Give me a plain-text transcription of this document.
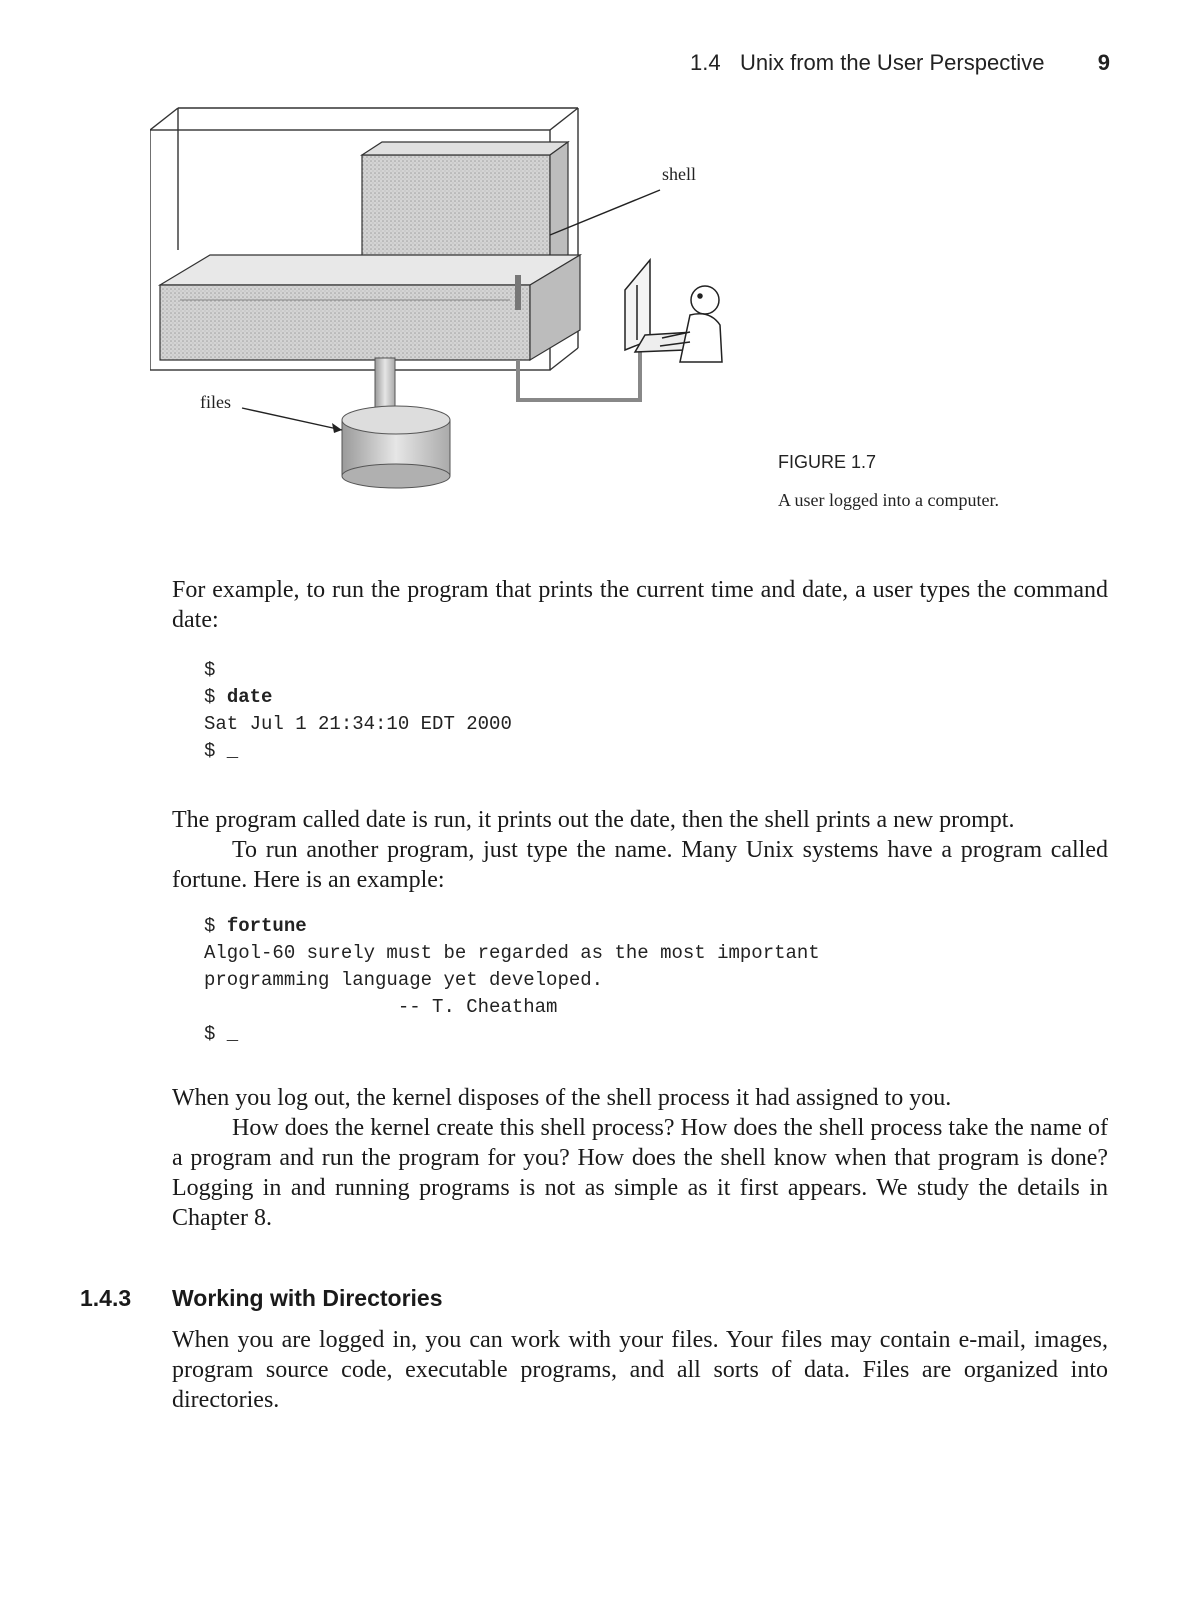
1.4 Unix from the User Perspective 9
shell
files
FIGURE 1.7
A user logged into a computer.

For example, to run the program that prints the current time and date, a user types the command date:

$
$ date
Sat Jul 1 21:34:10 EDT 2000
$ _

The program called date is run, it prints out the date, then the shell prints a new prompt.

To run another program, just type the name. Many Unix systems have a program called fortune. Here is an example:

$ fortune
Algol-60 surely must be regarded as the most important
programming language yet developed.
-- T. Cheatham
$ _

When you log out, the kernel disposes of the shell process it had assigned to you.

How does the kernel create this shell process? How does the shell process take the name of a program and run the program for you? How does the shell know when that program is done? Logging in and running programs is not as simple as it first appears. We study the details in Chapter 8.

1.4.3 Working with Directories

When you are logged in, you can work with your files. Your files may contain e-mail, images, program source code, executable programs, and all sorts of data. Files are organized into directories.
